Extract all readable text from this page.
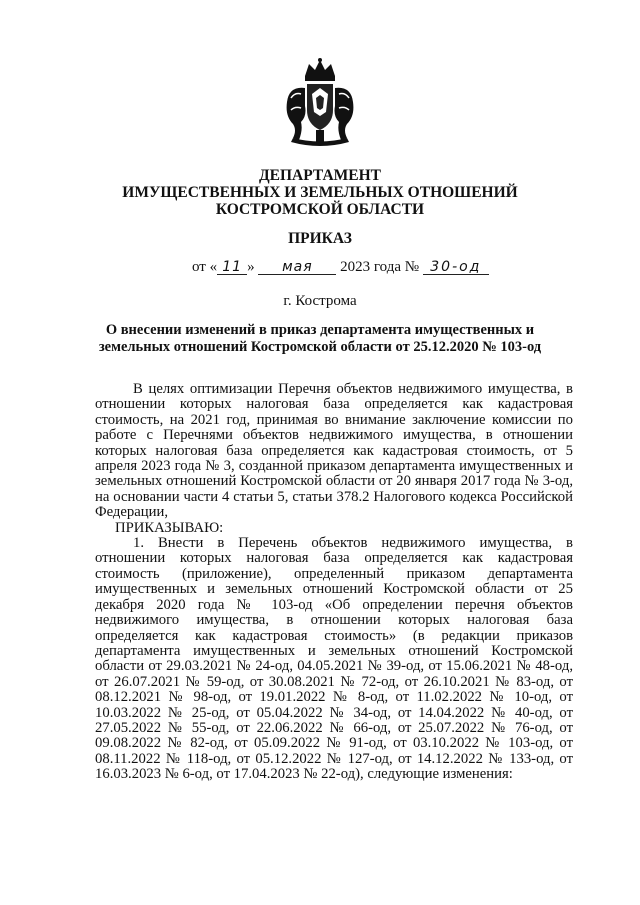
ДЕПАРТАМЕНТ
ИМУЩЕСТВЕННЫХ И ЗЕМЕЛЬНЫХ ОТНОШЕНИЙ
КОСТРОМСКОЙ ОБЛАСТИ
ПРИКАЗ
от « 11 » мая 2023 года № 30-од
г. Кострома
О внесении изменений в приказ департамента имущественных и
земельных отношений Костромской области от 25.12.2020 № 103-од

В целях оптимизации Перечня объектов недвижимого имущества, в отношении которых налоговая база определяется как кадастровая стоимость, на 2021 год, принимая во внимание заключение комиссии по работе с Перечнями объектов недвижимого имущества, в отношении которых налоговая база определяется как кадастровая стоимость, от 5 апреля 2023 года № 3, созданной приказом департамента имущественных и земельных отношений Костромской области от 20 января 2017 года № 3-од, на основании части 4 статьи 5, статьи 378.2 Налогового кодекса Российской Федерации,

ПРИКАЗЫВАЮ:

1. Внести в Перечень объектов недвижимого имущества, в отношении которых налоговая база определяется как кадастровая стоимость (приложение), определенный приказом департамента имущественных и земельных отношений Костромской области от 25 декабря 2020 года № 103-од «Об определении перечня объектов недвижимого имущества, в отношении которых налоговая база определяется как кадастровая стоимость» (в редакции приказов департамента имущественных и земельных отношений Костромской области от 29.03.2021 № 24-од, 04.05.2021 № 39-од, от 15.06.2021 № 48-од, от 26.07.2021 № 59-од, от 30.08.2021 № 72-од, от 26.10.2021 № 83-од, от 08.12.2021 № 98-од, от 19.01.2022 № 8-од, от 11.02.2022 № 10-од, от 10.03.2022 № 25-од, от 05.04.2022 № 34-од, от 14.04.2022 № 40-од, от 27.05.2022 № 55-од, от 22.06.2022 № 66-од, от 25.07.2022 № 76-од, от 09.08.2022 № 82-од, от 05.09.2022 № 91-од, от 03.10.2022 № 103-од, от 08.11.2022 № 118-од, от 05.12.2022 № 127-од, от 14.12.2022 № 133-од, от 16.03.2023 № 6-од, от 17.04.2023 № 22-од), следующие изменения:
